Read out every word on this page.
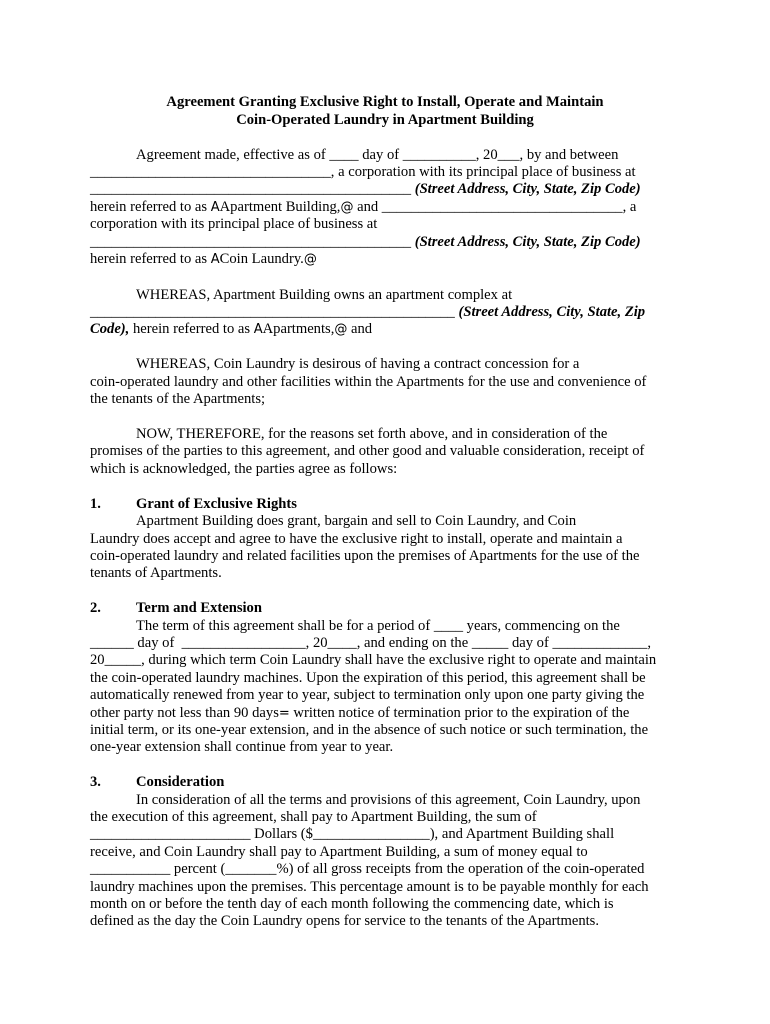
Agreement Granting Exclusive Right to Install, Operate and Maintain
Coin-Operated Laundry in Apartment Building
Agreement made, effective as of ____ day of __________, 20___, by and between
_________________________________, a corporation with its principal place of business at
____________________________________________ (Street Address, City, State, Zip Code)
herein referred to as AApartment Building,@ and _________________________________, a
corporation with its principal place of business at
____________________________________________ (Street Address, City, State, Zip Code)
herein referred to as ACoin Laundry.@
WHEREAS, Apartment Building owns an apartment complex at
__________________________________________________ (Street Address, City, State, Zip
Code), herein referred to as AApartments,@ and
WHEREAS, Coin Laundry is desirous of having a contract concession for a
coin-operated laundry and other facilities within the Apartments for the use and convenience of
the tenants of the Apartments;
NOW, THEREFORE, for the reasons set forth above, and in consideration of the
promises of the parties to this agreement, and other good and valuable consideration, receipt of
which is acknowledged, the parties agree as follows:
1. Grant of Exclusive Rights
Apartment Building does grant, bargain and sell to Coin Laundry, and Coin
Laundry does accept and agree to have the exclusive right to install, operate and maintain a
coin-operated laundry and related facilities upon the premises of Apartments for the use of the
tenants of Apartments.
2. Term and Extension
The term of this agreement shall be for a period of ____ years, commencing on the
______ day of  _________________, 20____, and ending on the _____ day of _____________,
20_____, during which term Coin Laundry shall have the exclusive right to operate and maintain
the coin-operated laundry machines. Upon the expiration of this period, this agreement shall be
automatically renewed from year to year, subject to termination only upon one party giving the
other party not less than 90 days= written notice of termination prior to the expiration of the
initial term, or its one-year extension, and in the absence of such notice or such termination, the
one-year extension shall continue from year to year.
3. Consideration
In consideration of all the terms and provisions of this agreement, Coin Laundry, upon
the execution of this agreement, shall pay to Apartment Building, the sum of
______________________ Dollars ($________________), and Apartment Building shall
receive, and Coin Laundry shall pay to Apartment Building, a sum of money equal to
___________ percent (_______%) of all gross receipts from the operation of the coin-operated
laundry machines upon the premises. This percentage amount is to be payable monthly for each
month on or before the tenth day of each month following the commencing date, which is
defined as the day the Coin Laundry opens for service to the tenants of the Apartments.
